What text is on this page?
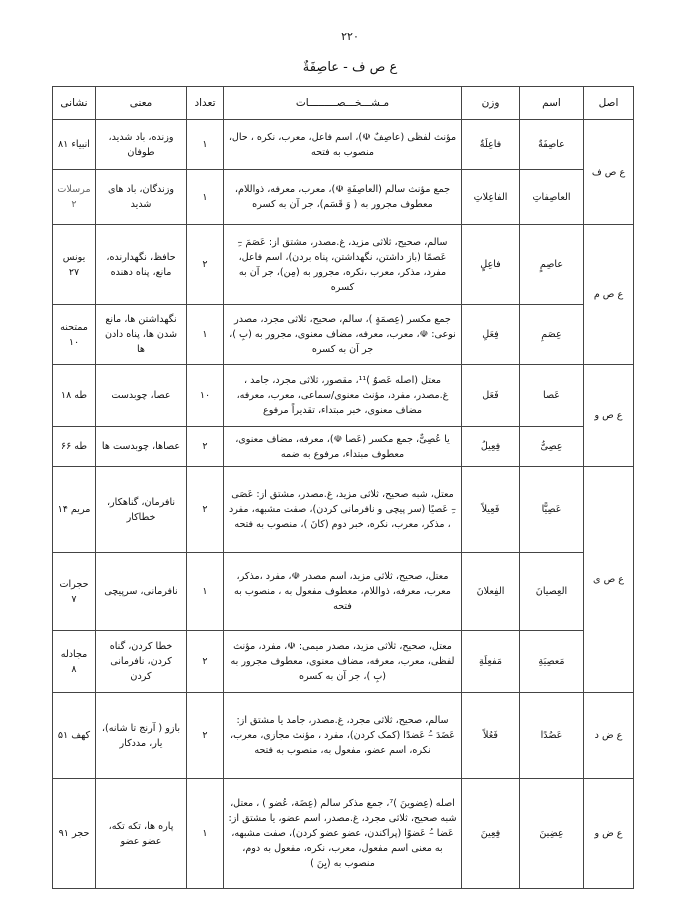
۲۲۰
ع ص ف - عاصِفَةٌ
اصل	اسم	وزن	مـشـــخـــصـــــــــات	تعداد	معنی	نشانی
ع ص ف	عاصِفَةٌ	فاعِلَةٌ	مؤنث لفظی (عاصِفٌ ☫)، اسم فاعل، معرب، نکره ، حال، منصوب به فتحه	۱	وزنده، باد شدید، طوفان	انبیاء ۸۱
	العاصِفاتِ	الفاعِلاتِ	جمع مؤنث سالم (العاصِفَةِ ☫)، معرب، معرفه، ذواللام، معطوف مجرور به ( وَ قَسَم)، جر آن به کسره	۱	وزندگان، باد های شدید	مرسلات ۲
ع ص م	عاصِمٍ	فاعِلٍ	سالم، صحیح، ثلاثی مزید، غ.مصدر، مشتق از: عَصَمَ –ِ عَصمًا (باز داشتن، نگهداشتن، پناه بردن)، اسم فاعل، مفرد، مذکر، معرب ،نکره، مجرور به (مِن)، جر آن به کسره	۲	حافظ، نگهدارنده، مانع، پناه دهنده	یونس ۲۷
	عِصَمِ	فِعَلِ	جمع مکسر (عِصمَةٍ )، سالم، صحیح، ثلاثی مجرد، مصدر نوعی: ☫، معرب، معرفه، مضاف معنوی، مجرور به (بِ )، جر آن به کسره	۱	نگهداشتن ها، مانع شدن ها، پناه دادن ها	ممتحنه ۱۰
ع ص و	عَصا	فَعَل	معتل (اصله عَصوٌ )¹¹، مقصور، ثلاثی مجرد، جامد ، غ.مصدر، مفرد، مؤنث معنوی/سماعی، معرب، معرفه، مضاف معنوی، خبر مبتداء، تقدیراً مرفوع	۱۰	عصا، چوبدست	طه ۱۸
	عِصِیُّ	فِعِیلُ	یا عُصِیٌّ، جمع مکسر (عَصا ☫)، معرفه، مضاف معنوی، معطوف مبتداء، مرفوع به ضمه	۲	عصاها، چوبدست ها	طه ۶۶
ع ص ی	عَصِیًّا	فَعِیلاً	معتل، شبه صحیح، ثلاثی مزید، غ.مصدر، مشتق از: عَصَی –ِ عَصیًا (سر پیچی و نافرمانی کردن)، صفت مشبهه، مفرد ، مذکر، معرب، نکره، خبر دوم (کانَ )، منصوب به فتحه	۲	نافرمان، گناهکار، خطاکار	مریم ۱۴
	العِصیانَ	الفِعلانَ	معتل، صحیح، ثلاثی مزید، اسم مصدر ☫، مفرد ،مذکر، معرب، معرفه، ذواللام، معطوف مفعول به ، منصوب به فتحه	۱	نافرمانی، سرپیچی	حجرات ۷
	مَعصِیَةِ	مَفعِلَةِ	معتل، صحیح، ثلاثی مزید، مصدر میمی: ☫، مفرد، مؤنث لفظی، معرب، معرفه، مضاف معنوی، معطوف مجرور به (بِ )، جر آن به کسره	۲	خطا کردن، گناه کردن، نافرمانی کردن	مجادله ۸
ع ض د	عَضُدًا	فَعُلاً	سالم، صحیح، ثلاثی مجرد، غ.مصدر، جامد یا مشتق از: عَضَدَ –ُ عَضدًا (کمک کردن)، مفرد ، مؤنث مجازی، معرب، نکره، اسم عضو، مفعول به، منصوب به فتحه	۲	بازو ( آرنج تا شانه)، یار، مددکار	کهف ۵۱
ع ض و	عِضِینَ	فِعِینَ	اصله (عِضوینَ )⁷، جمع مذکر سالم (عِضَة، عُضو ) ، معتل، شبه صحیح، ثلاثی مجرد، غ.مصدر، اسم عضو، یا مشتق از: عَضا –ُ عَضوًا (پراکندن، عضو عضو کردن)، صفت مشبهه، به معنی اسم مفعول، معرب، نکره، مفعول به دوم، منصوب به (یِنَ )	۱	پاره ها، تکه تکه، عضو عضو	حجر ۹۱
